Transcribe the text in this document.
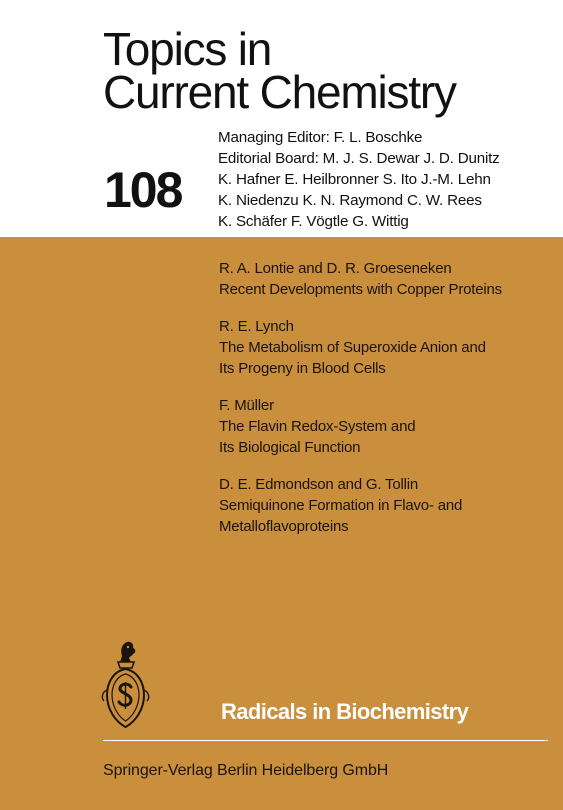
Topics in
Current Chemistry
108
Managing Editor: F. L. Boschke
Editorial Board: M. J. S. Dewar J. D. Dunitz
K. Hafner E. Heilbronner S. Ito J.-M. Lehn
K. Niedenzu K. N. Raymond C. W. Rees
K. Schäfer F. Vögtle G. Wittig
R. A. Lontie and D. R. Groeseneken
Recent Developments with Copper Proteins
R. E. Lynch
The Metabolism of Superoxide Anion and
Its Progeny in Blood Cells
F. Müller
The Flavin Redox-System and
Its Biological Function
D. E. Edmondson and G. Tollin
Semiquinone Formation in Flavo- and
Metalloflavoproteins
Radicals in Biochemistry
Springer-Verlag Berlin Heidelberg GmbH
